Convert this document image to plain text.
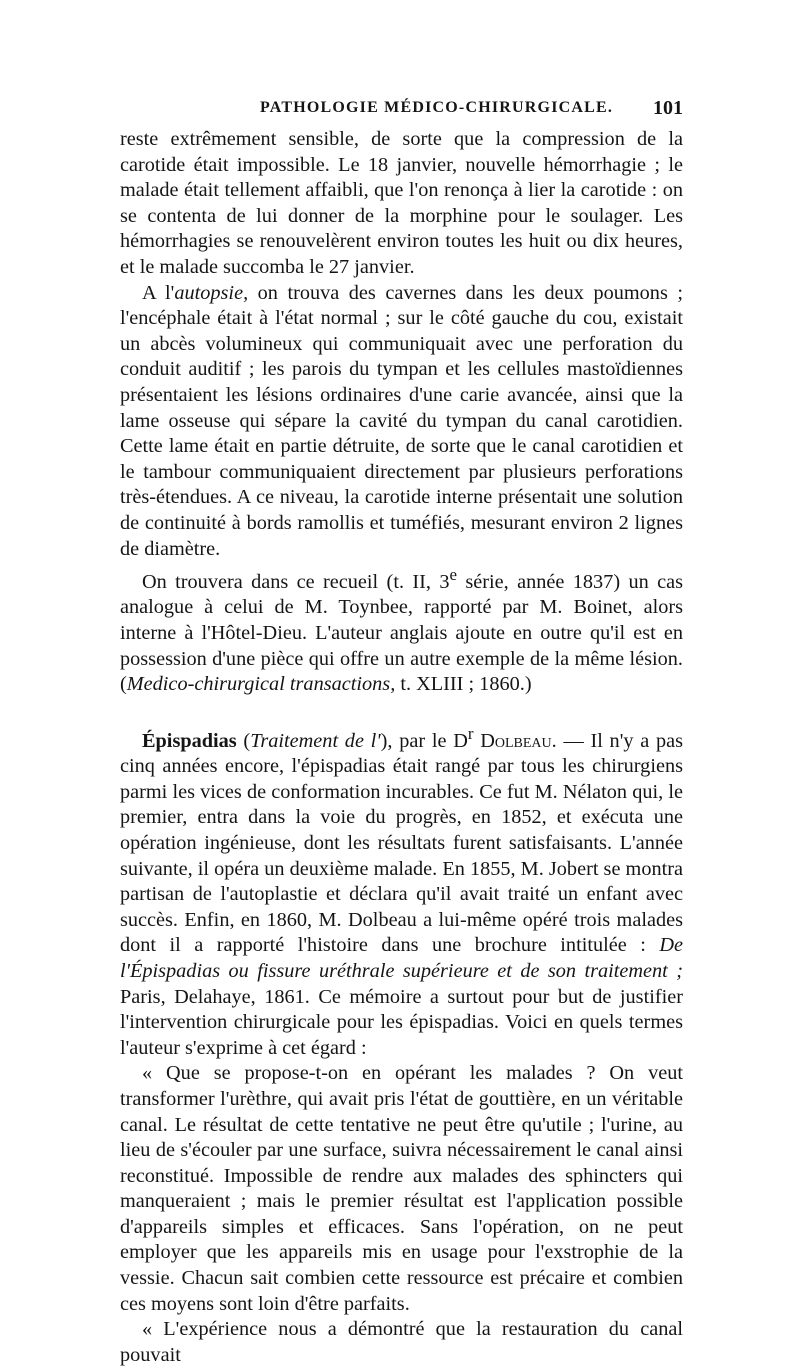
PATHOLOGIE MÉDICO-CHIRURGICALE. 101

reste extrêmement sensible, de sorte que la compression de la carotide était impossible. Le 18 janvier, nouvelle hémorrhagie ; le malade était tellement affaibli, que l'on renonça à lier la carotide : on se contenta de lui donner de la morphine pour le soulager. Les hémorrhagies se renouvelèrent environ toutes les huit ou dix heures, et le malade succomba le 27 janvier.

A l'autopsie, on trouva des cavernes dans les deux poumons ; l'encéphale était à l'état normal ; sur le côté gauche du cou, existait un abcès volumineux qui communiquait avec une perforation du conduit auditif ; les parois du tympan et les cellules mastoïdiennes présentaient les lésions ordinaires d'une carie avancée, ainsi que la lame osseuse qui sépare la cavité du tympan du canal carotidien. Cette lame était en partie détruite, de sorte que le canal carotidien et le tambour communiquaient directement par plusieurs perforations très-étendues. A ce niveau, la carotide interne présentait une solution de continuité à bords ramollis et tuméfiés, mesurant environ 2 lignes de diamètre.

On trouvera dans ce recueil (t. II, 3e série, année 1837) un cas analogue à celui de M. Toynbee, rapporté par M. Boinet, alors interne à l'Hôtel-Dieu. L'auteur anglais ajoute en outre qu'il est en possession d'une pièce qui offre un autre exemple de la même lésion. (Medico-chirurgical transactions, t. XLIII ; 1860.)

Épispadias (Traitement de l'), par le $D^r$ Dolbeau. — Il n'y a pas cinq années encore, l'épispadias était rangé par tous les chirurgiens parmi les vices de conformation incurables. Ce fut M. Nélaton qui, le premier, entra dans la voie du progrès, en 1852, et exécuta une opération ingénieuse, dont les résultats furent satisfaisants. L'année suivante, il opéra un deuxième malade. En 1855, M. Jobert se montra partisan de l'autoplastie et déclara qu'il avait traité un enfant avec succès. Enfin, en 1860, M. Dolbeau a lui-même opéré trois malades dont il a rapporté l'histoire dans une brochure intitulée : De l'Épispadias ou fissure uréthrale supérieure et de son traitement ; Paris, Delahaye, 1861. Ce mémoire a surtout pour but de justifier l'intervention chirurgicale pour les épispadias. Voici en quels termes l'auteur s'exprime à cet égard :

« Que se propose-t-on en opérant les malades ? On veut transformer l'urèthre, qui avait pris l'état de gouttière, en un véritable canal. Le résultat de cette tentative ne peut être qu'utile ; l'urine, au lieu de s'écouler par une surface, suivra nécessairement le canal ainsi reconstitué. Impossible de rendre aux malades des sphincters qui manqueraient ; mais le premier résultat est l'application possible d'appareils simples et efficaces. Sans l'opération, on ne peut employer que les appareils mis en usage pour l'exstrophie de la vessie. Chacun sait combien cette ressource est précaire et combien ces moyens sont loin d'être parfaits.

« L'expérience nous a démontré que la restauration du canal pouvait
